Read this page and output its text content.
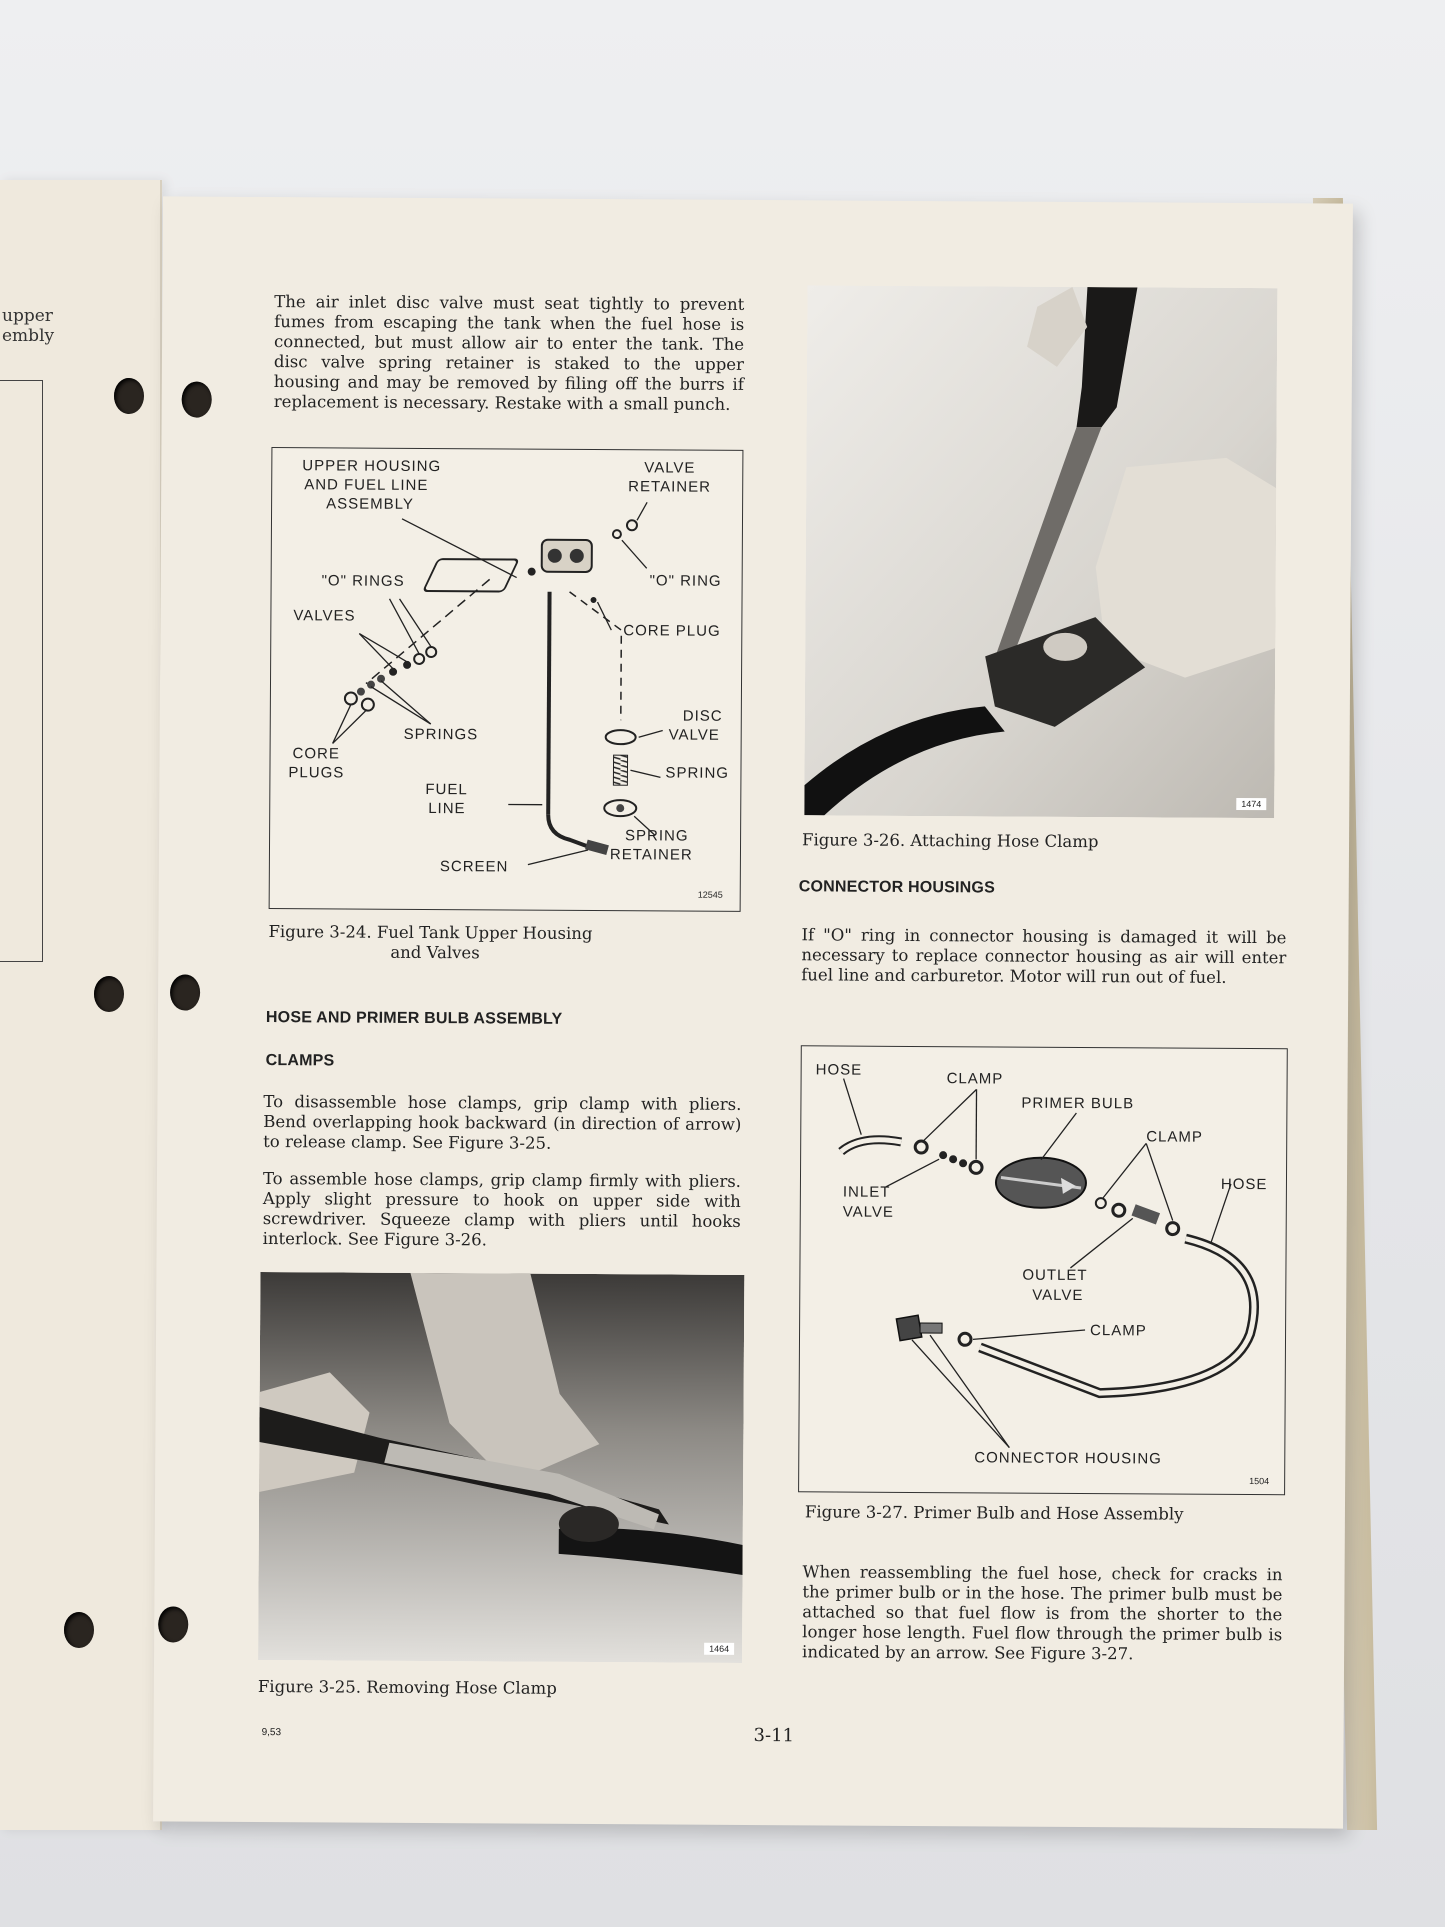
upper
embly

The air inlet disc valve must seat tightly to prevent fumes from escaping the tank when the fuel hose is connected, but must allow air to enter the tank. The disc valve spring retainer is staked to the upper housing and may be removed by filing off the burrs if replacement is necessary. Restake with a small punch.

UPPER HOUSING
AND FUEL LINE
ASSEMBLY
VALVE
RETAINER
"O" RINGS	"O" RING
VALVES
CORE PLUG
DISC
VALVE
SPRINGS
SPRING
CORE
PLUGS
FUEL
LINE
SPRING
RETAINER
SCREEN
12545

Figure 3-24. Fuel Tank Upper Housing

and Valves

HOSE AND PRIMER BULB ASSEMBLY
CLAMPS

To disassemble hose clamps, grip clamp with pliers. Bend overlapping hook backward (in direction of arrow) to release clamp. See Figure 3-25.

To assemble hose clamps, grip clamp firmly with pliers. Apply slight pressure to hook on upper side with screwdriver. Squeeze clamp with pliers until hooks interlock. See Figure 3-26.

1464

Figure 3-25. Removing Hose Clamp

1474

Figure 3-26. Attaching Hose Clamp

CONNECTOR HOUSINGS

If "O" ring in connector housing is damaged it will be necessary to replace connector housing as air will enter fuel line and carburetor. Motor will run out of fuel.

HOSE
CLAMP
PRIMER BULB
CLAMP
HOSE
INLET
VALVE
OUTLET
VALVE
CLAMP
CONNECTOR HOUSING
1504

Figure 3-27. Primer Bulb and Hose Assembly

When reassembling the fuel hose, check for cracks in the primer bulb or in the hose. The primer bulb must be attached so that fuel flow is from the shorter to the longer hose length. Fuel flow through the primer bulb is indicated by an arrow. See Figure 3-27.

9,53	3-11
